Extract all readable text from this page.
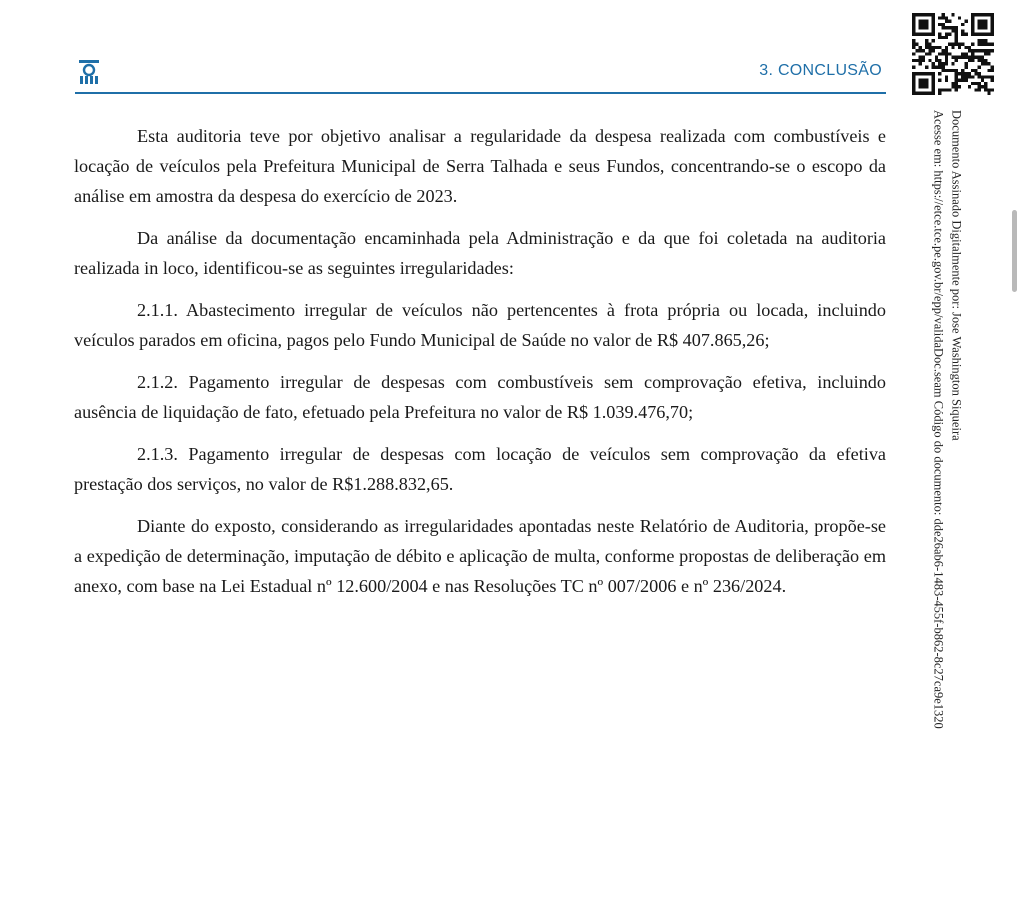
3. CONCLUSÃO
Documento Assinado Digitalmente por: Jose Washington Siqueira
Acesse em: https://etce.tce.pe.gov.br/epp/validaDoc.seam Código do documento: dde26ab6-1483-455f-b862-8c27ca9e1320

Esta auditoria teve por objetivo analisar a regularidade da despesa realizada com combustíveis e locação de veículos pela Prefeitura Municipal de Serra Talhada e seus Fundos, concentrando-se o escopo da análise em amostra da despesa do exercício de 2023.

Da análise da documentação encaminhada pela Administração e da que foi coletada na auditoria realizada in loco, identificou-se as seguintes irregularidades:

2.1.1. Abastecimento irregular de veículos não pertencentes à frota própria ou locada, incluindo veículos parados em oficina, pagos pelo Fundo Municipal de Saúde no valor de R$ 407.865,26;

2.1.2. Pagamento irregular de despesas com combustíveis sem comprovação efetiva, incluindo ausência de liquidação de fato, efetuado pela Prefeitura no valor de R$ 1.039.476,70;

2.1.3. Pagamento irregular de despesas com locação de veículos sem comprovação da efetiva prestação dos serviços, no valor de R$1.288.832,65.

Diante do exposto, considerando as irregularidades apontadas neste Relatório de Auditoria, propõe-se a expedição de determinação, imputação de débito e aplicação de multa, conforme propostas de deliberação em anexo, com base na Lei Estadual nº 12.600/2004 e nas Resoluções TC nº 007/2006 e nº 236/2024.
